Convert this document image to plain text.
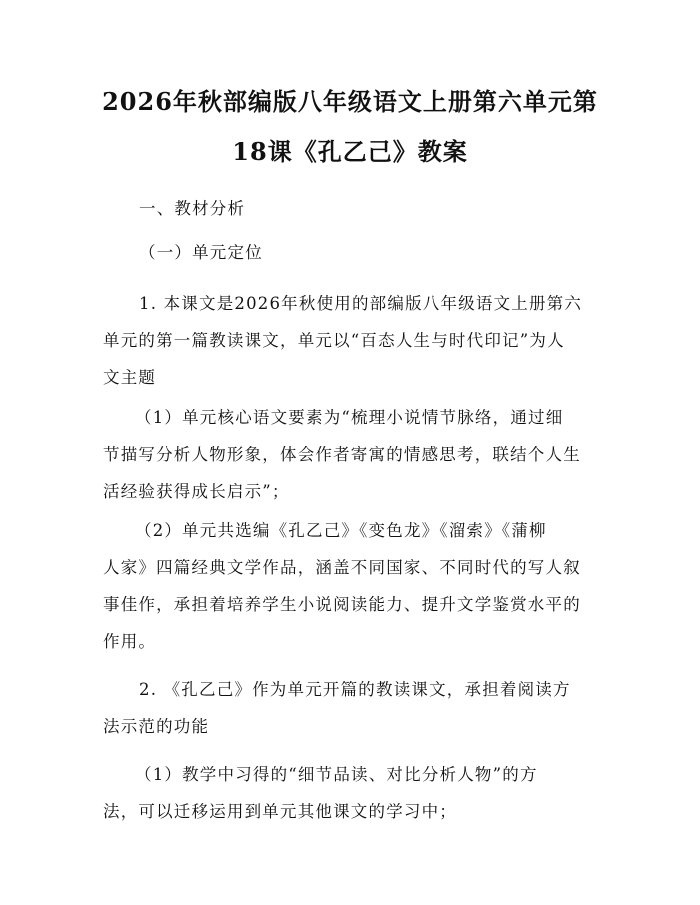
2026年秋部编版八年级语文上册第六单元第
18课《孔乙己》教案

一、教材分析

（一）单元定位

1. 本课文是2026年秋使用的部编版八年级语文上册第六
单元的第一篇教读课文，单元以“百态人生与时代印记”为人
文主题

（1）单元核心语文要素为“梳理小说情节脉络，通过细
节描写分析人物形象，体会作者寄寓的情感思考，联结个人生
活经验获得成长启示”；

（2）单元共选编《孔乙己》《变色龙》《溜索》《蒲柳
人家》四篇经典文学作品，涵盖不同国家、不同时代的写人叙
事佳作，承担着培养学生小说阅读能力、提升文学鉴赏水平的
作用。

2. 《孔乙己》作为单元开篇的教读课文，承担着阅读方
法示范的功能

（1）教学中习得的“细节品读、对比分析人物”的方
法，可以迁移运用到单元其他课文的学习中；
